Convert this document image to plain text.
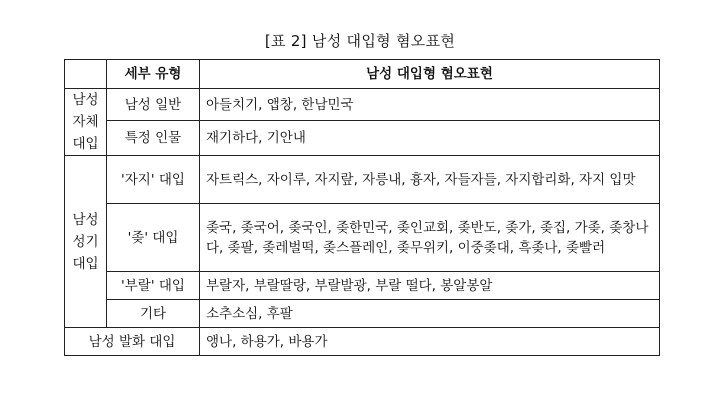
[표 2] 남성 대입형 혐오표현
	세부 유형	남성 대입형 혐오표현
남성 자체 대입	남성 일반	아들치기, 앱창, 한남민국
	특정 인물	재기하다, 기안내
남성 성기 대입	'자지' 대입	자트릭스, 자이루, 자지랖, 자릉내, 흉자, 자들자들, 자지합리화, 자지 입맛
	'좆' 대입	좆국, 좆국어, 좆국인, 좆한민국, 좆인교회, 좆반도, 좆가, 좆집, 가좆, 좆창나다, 좆팔, 좆레벌떡, 좆스플레인, 좆무위키, 이중좆대, 흑좆나, 좆빨러
	'부랄' 대입	부랄자, 부랄딸랑, 부랄발광, 부랄 떨다, 봉알봉알
	기타	소추소심, 후팔
남성 발화 대입		앵나, 하용가, 바용가
